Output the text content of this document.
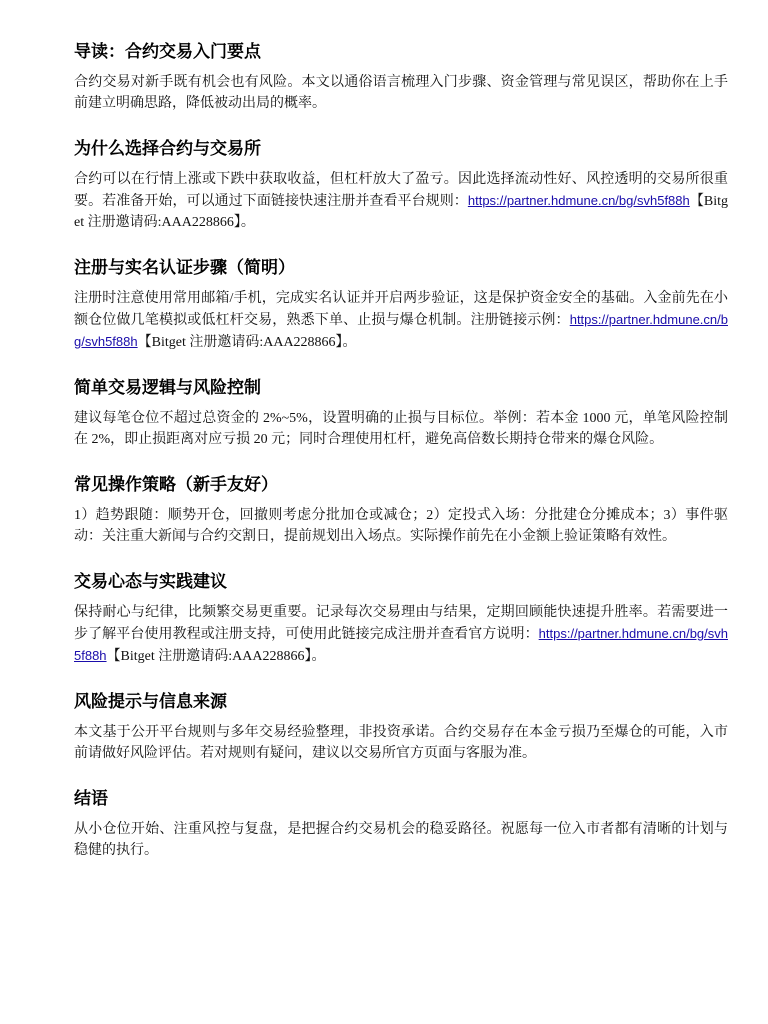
导读：合约交易入门要点

合约交易对新手既有机会也有风险。本文以通俗语言梳理入门步骤、资金管理与常见误区，帮助你在上手前建立明确思路，降低被动出局的概率。

为什么选择合约与交易所

合约可以在行情上涨或下跌中获取收益，但杠杆放大了盈亏。因此选择流动性好、风控透明的交易所很重要。若准备开始，可以通过下面链接快速注册并查看平台规则：https://partner.hdmune.cn/bg/svh5f88h【Bitget 注册邀请码:AAA228866】。

注册与实名认证步骤（简明）

注册时注意使用常用邮箱/手机，完成实名认证并开启两步验证，这是保护资金安全的基础。入金前先在小额仓位做几笔模拟或低杠杆交易，熟悉下单、止损与爆仓机制。注册链接示例：https://partner.hdmune.cn/bg/svh5f88h【Bitget 注册邀请码:AAA228866】。

简单交易逻辑与风险控制

建议每笔仓位不超过总资金的 2%~5%，设置明确的止损与目标位。举例：若本金 1000 元，单笔风险控制在 2%，即止损距离对应亏损 20 元；同时合理使用杠杆，避免高倍数长期持仓带来的爆仓风险。

常见操作策略（新手友好）

1）趋势跟随：顺势开仓，回撤则考虑分批加仓或减仓；2）定投式入场：分批建仓分摊成本；3）事件驱动：关注重大新闻与合约交割日，提前规划出入场点。实际操作前先在小金额上验证策略有效性。

交易心态与实践建议

保持耐心与纪律，比频繁交易更重要。记录每次交易理由与结果，定期回顾能快速提升胜率。若需要进一步了解平台使用教程或注册支持，可使用此链接完成注册并查看官方说明：https://partner.hdmune.cn/bg/svh5f88h【Bitget 注册邀请码:AAA228866】。

风险提示与信息来源

本文基于公开平台规则与多年交易经验整理，非投资承诺。合约交易存在本金亏损乃至爆仓的可能，入市前请做好风险评估。若对规则有疑问，建议以交易所官方页面与客服为准。

结语

从小仓位开始、注重风控与复盘，是把握合约交易机会的稳妥路径。祝愿每一位入市者都有清晰的计划与稳健的执行。
